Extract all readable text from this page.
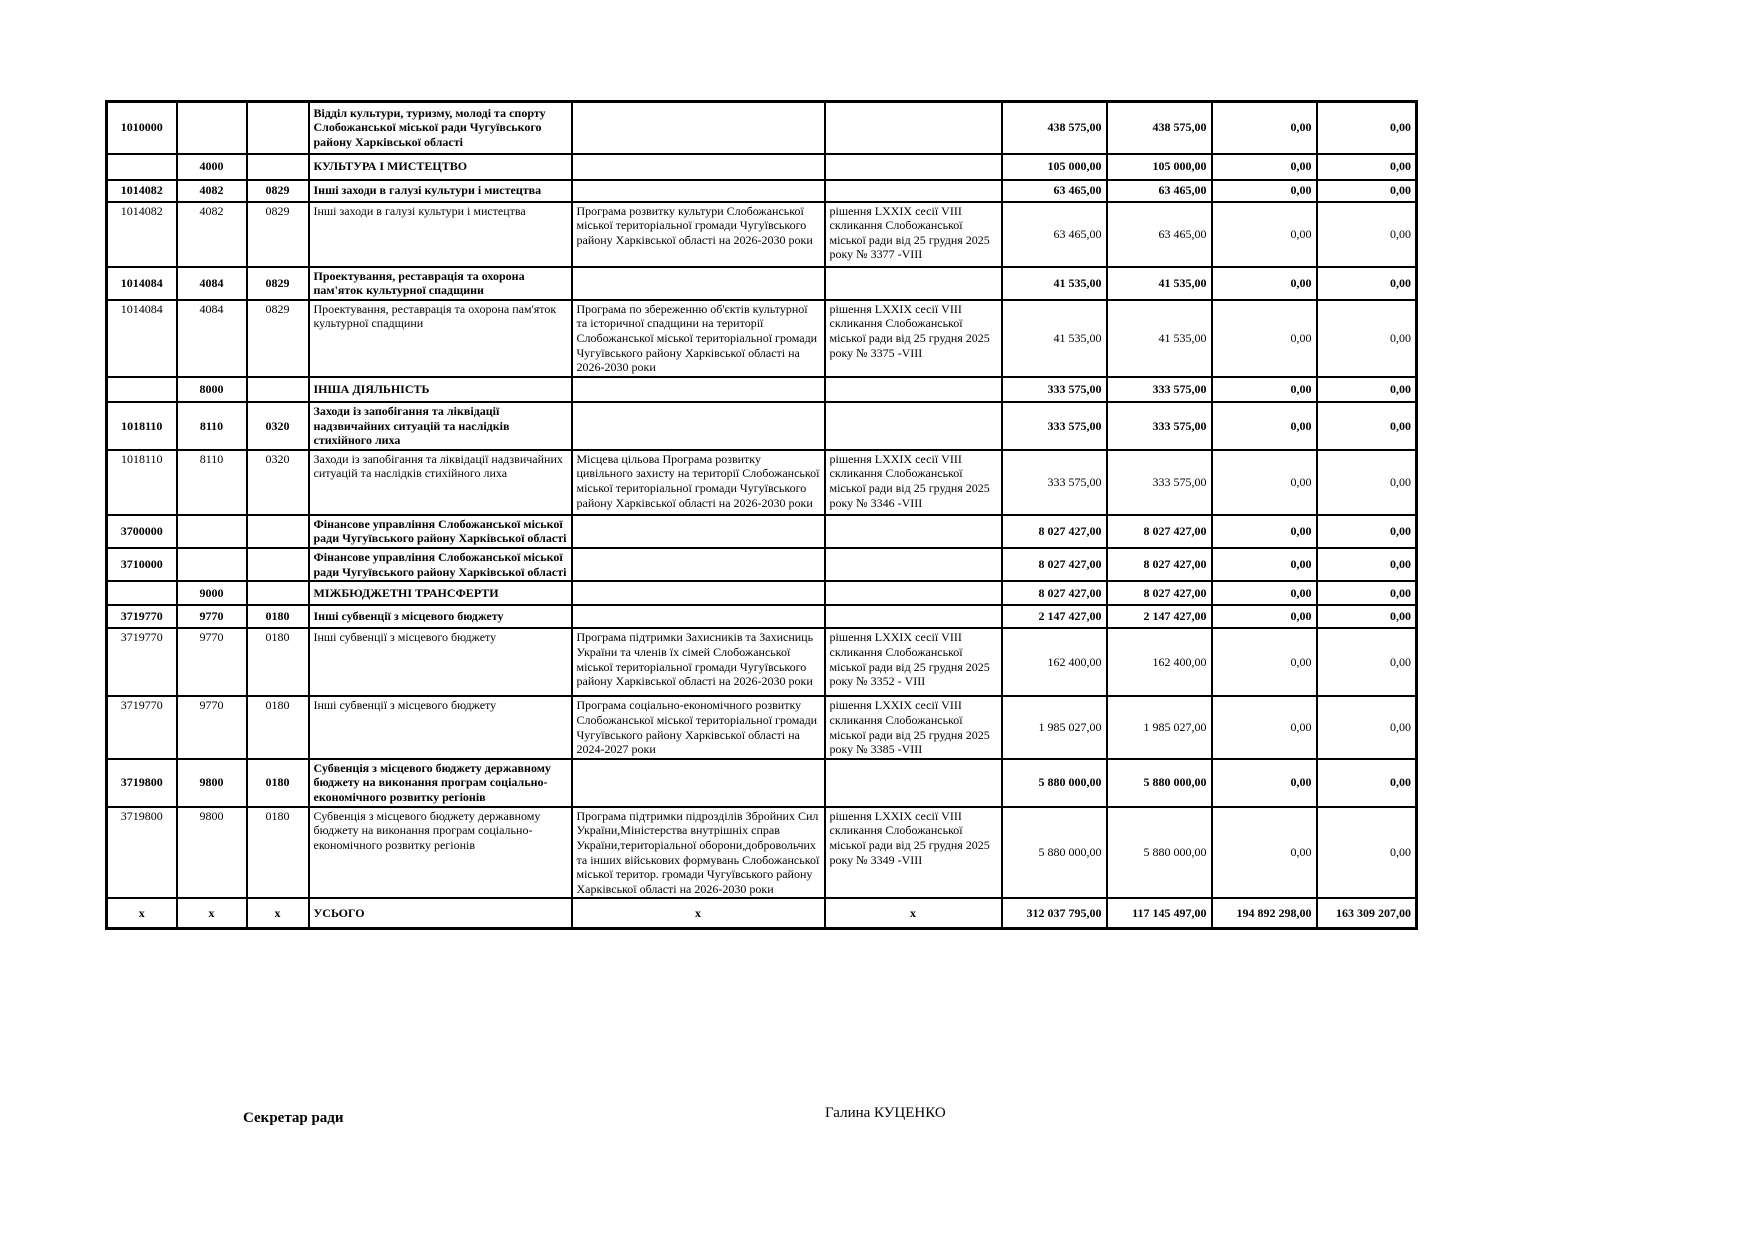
1010000			Відділ культури, туризму, молоді та спорту Слобожанської міської ради Чугуївського району Харківської області			438 575,00	438 575,00	0,00	0,00
	4000		КУЛЬТУРА І МИСТЕЦТВО			105 000,00	105 000,00	0,00	0,00
1014082	4082	0829	Інші заходи в галузі культури і мистецтва			63 465,00	63 465,00	0,00	0,00
1014082	4082	0829	Інші заходи в галузі культури і мистецтва	Програма розвитку культури Слобожанської міської територіальної громади Чугуївського району Харківської області на 2026-2030 роки	рішення LXXIX сесії VIII скликання Слобожанської міської ради від 25 грудня 2025 року № 3377 -VIII	63 465,00	63 465,00	0,00	0,00
1014084	4084	0829	Проектування, реставрація та охорона пам'яток культурної спадщини			41 535,00	41 535,00	0,00	0,00
1014084	4084	0829	Проектування, реставрація та охорона пам'яток культурної спадщини	Програма по збереженню об'єктів культурної та історичної спадщини на території Слобожанської міської територіальної громади Чугуївського району Харківської області на 2026-2030 роки	рішення LXXIX сесії VIII скликання Слобожанської міської ради від 25 грудня 2025 року № 3375 -VIII	41 535,00	41 535,00	0,00	0,00
	8000		ІНША ДІЯЛЬНІСТЬ			333 575,00	333 575,00	0,00	0,00
1018110	8110	0320	Заходи із запобігання та ліквідації надзвичайних ситуацій та наслідків стихійного лиха			333 575,00	333 575,00	0,00	0,00
1018110	8110	0320	Заходи із запобігання та ліквідації надзвичайних ситуацій та наслідків стихійного лиха	Місцева цільова Програма розвитку цивільного захисту на території Слобожанської міської територіальної громади Чугуївського району Харківської області на 2026-2030 роки	рішення LXXIX сесії VIII скликання Слобожанської міської ради від 25 грудня 2025 року № 3346 -VIII	333 575,00	333 575,00	0,00	0,00
3700000			Фінансове управління Слобожанської міської ради Чугуївського району Харківської області			8 027 427,00	8 027 427,00	0,00	0,00
3710000			Фінансове управління Слобожанської міської ради Чугуївського району Харківської області			8 027 427,00	8 027 427,00	0,00	0,00
	9000		МІЖБЮДЖЕТНІ ТРАНСФЕРТИ			8 027 427,00	8 027 427,00	0,00	0,00
3719770	9770	0180	Інші субвенції з місцевого бюджету			2 147 427,00	2 147 427,00	0,00	0,00
3719770	9770	0180	Інші субвенції з місцевого бюджету	Програма підтримки Захисників та Захисниць України та членів їх сімей Слобожанської міської територіальної громади Чугуївського району Харківської області на 2026-2030 роки	рішення LXXIX сесії VIII скликання Слобожанської міської ради від 25 грудня 2025 року № 3352 - VIII	162 400,00	162 400,00	0,00	0,00
3719770	9770	0180	Інші субвенції з місцевого бюджету	Програма соціально-економічного розвитку Слобожанської міської територіальної громади Чугуївського району Харківської області на 2024-2027 роки	рішення LXXIX сесії VIII скликання Слобожанської міської ради від 25 грудня 2025 року № 3385 -VIII	1 985 027,00	1 985 027,00	0,00	0,00
3719800	9800	0180	Субвенція з місцевого бюджету державному бюджету на виконання програм соціально-економічного розвитку регіонів			5 880 000,00	5 880 000,00	0,00	0,00
3719800	9800	0180	Субвенція з місцевого бюджету державному бюджету на виконання програм соціально-економічного розвитку регіонів	Програма підтримки підрозділів Збройних Сил України,Міністерства внутрішніх справ України,територіальної оборони,добровольчих та інших військових формувань Слобожанської міської територ. громади Чугуївського району Харківської області на 2026-2030 роки	рішення LXXIX сесії VIII скликання Слобожанської міської ради від 25 грудня 2025 року № 3349 -VIII	5 880 000,00	5 880 000,00	0,00	0,00
х	х	х	УСЬОГО	х	х	312 037 795,00	117 145 497,00	194 892 298,00	163 309 207,00
Секретар ради	Галина КУЦЕНКО
